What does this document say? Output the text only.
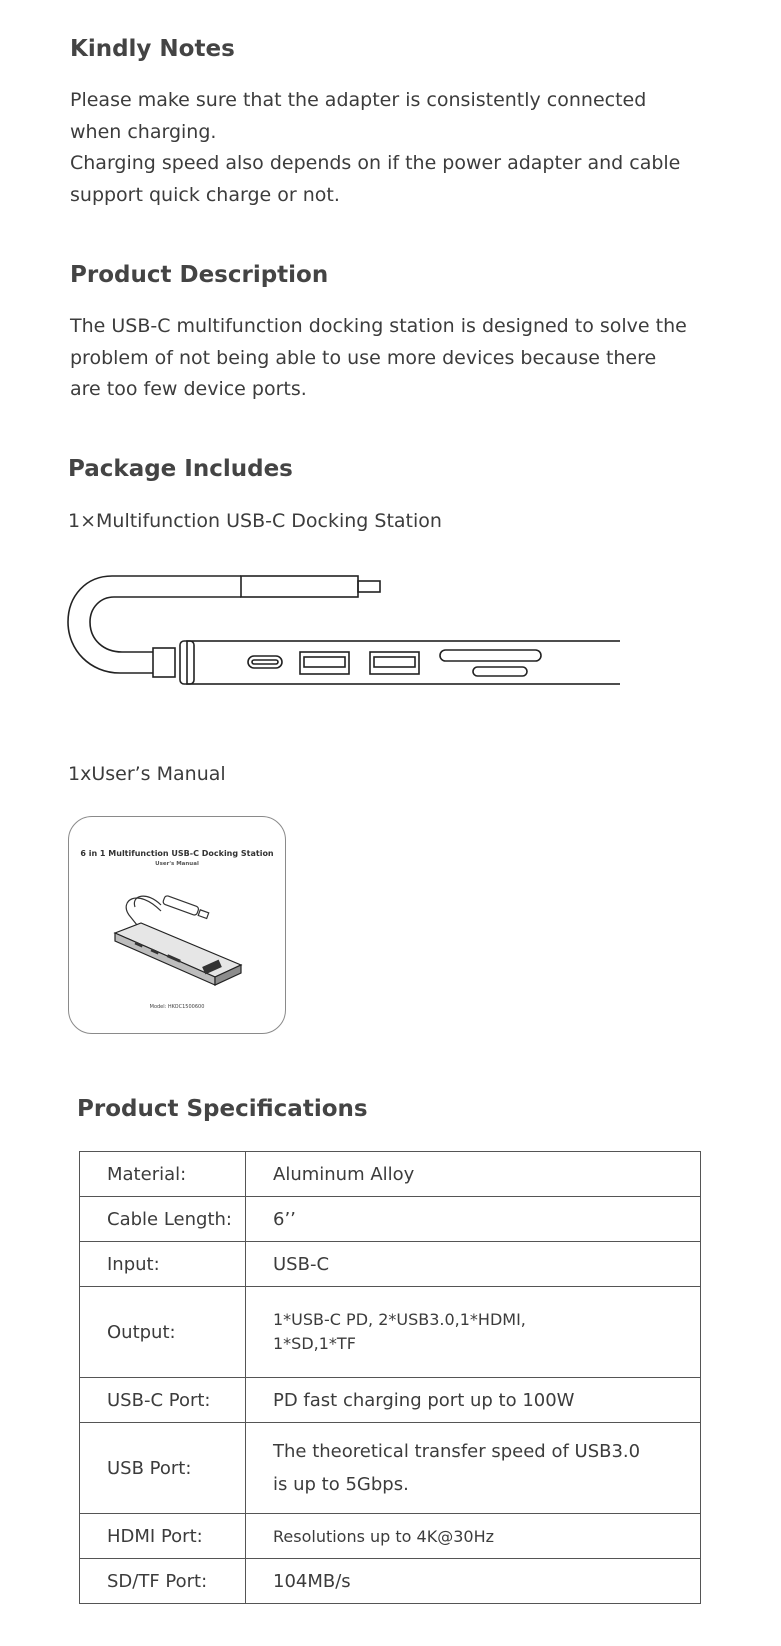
Kindly Notes
Please make sure that the adapter is consistently connected
when charging.
Charging speed also depends on if the power adapter and cable
support quick charge or not.
Product Description
The USB-C multifunction docking station is designed to solve the
problem of not being able to use more devices because there
are too few device ports.
Package Includes
1×Multifunction USB-C Docking Station
1xUser’s Manual
6 in 1 Multifunction USB-C Docking Station
User's Manual
Model: HKOC1500600
Product Specifications
Material:	Aluminum Alloy
Cable Length:	6’’
Input:	USB-C
Output:	1*USB-C PD, 2*USB3.0,1*HDMI,
1*SD,1*TF

USB-C Port:	PD fast charging port up to 100W
USB Port:	The theoretical transfer speed of USB3.0
is up to 5Gbps.

HDMI Port:	Resolutions up to 4K@30Hz
SD/TF Port:	104MB/s
